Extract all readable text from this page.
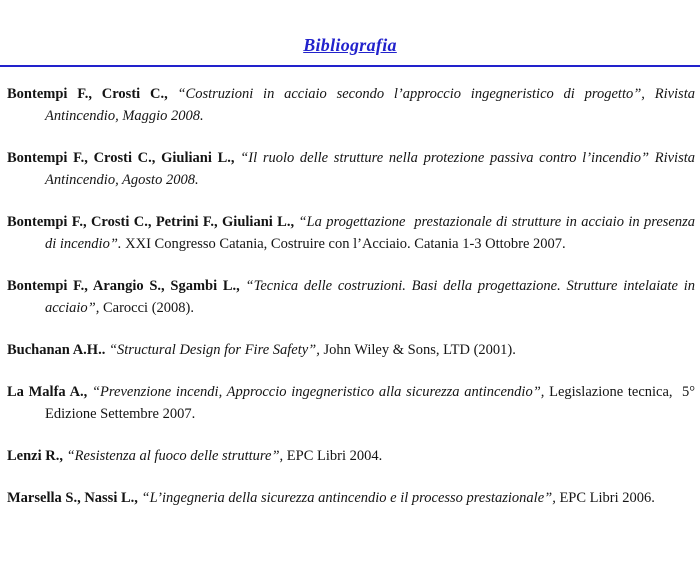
Bibliografia

Bontempi F., Crosti C., “Costruzioni in acciaio secondo l’approccio ingegneristico di progetto”, Rivista Antincendio, Maggio 2008.

Bontempi F., Crosti C., Giuliani L., “Il ruolo delle strutture nella protezione passiva contro l’incendio” Rivista Antincendio, Agosto 2008.

Bontempi F., Crosti C., Petrini F., Giuliani L., “La progettazione  prestazionale di strutture in acciaio in presenza di incendio”. XXI Congresso Catania, Costruire con l’Acciaio. Catania 1-3 Ottobre 2007.

Bontempi F., Arangio S., Sgambi L., “Tecnica delle costruzioni. Basi della progettazione. Strutture intelaiate in acciaio”, Carocci (2008).

Buchanan A.H.. “Structural Design for Fire Safety”, John Wiley & Sons, LTD (2001).

La Malfa A., “Prevenzione incendi, Approccio ingegneristico alla sicurezza antincendio”, Legislazione tecnica,  5° Edizione Settembre 2007.

Lenzi R., “Resistenza al fuoco delle strutture”, EPC Libri 2004.

Marsella S., Nassi L., “L’ingegneria della sicurezza antincendio e il processo prestazionale”, EPC Libri 2006.
